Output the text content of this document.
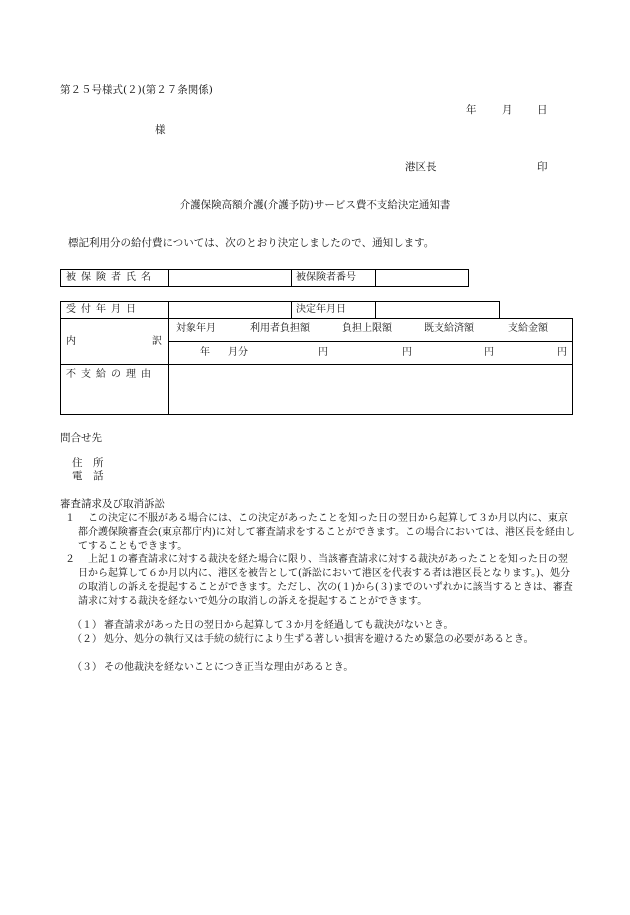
第２５号様式(２)(第２７条関係)
年 月 日
様
港区長	印
介護保険高額介護(介護予防)サービス費不支給決定通知書
標記利用分の給付費については、次のとおり決定しましたので、通知します。
被保険者氏名	被保険者番号
受付年月日	決定年月日
内	訳
対象年月	利用者負担額	負担上限額	既支給済額	支給金額
年 月分	円	円	円	円
不支給の理由
問合せ先
住　所
電　話
審査請求及び取消訴訟
１	この決定に不服がある場合には、この決定があったことを知った日の翌日から起算して３か月以内に、東京都介護保険審査会(東京都庁内)に対して審査請求をすることができます。この場合においては、港区長を経由してすることもできます。
２	上記１の審査請求に対する裁決を経た場合に限り、当該審査請求に対する裁決があったことを知った日の翌日から起算して６か月以内に、港区を被告として(訴訟において港区を代表する者は港区長となります。)、処分の取消しの訴えを提起することができます。ただし、次の(１)から(３)までのいずれかに該当するときは、審査請求に対する裁決を経ないで処分の取消しの訴えを提起することができます。
（１） 審査請求があった日の翌日から起算して３か月を経過しても裁決がないとき。
（２） 処分、処分の執行又は手続の続行により生ずる著しい損害を避けるため緊急の必要があるとき。
（３） その他裁決を経ないことにつき正当な理由があるとき。
